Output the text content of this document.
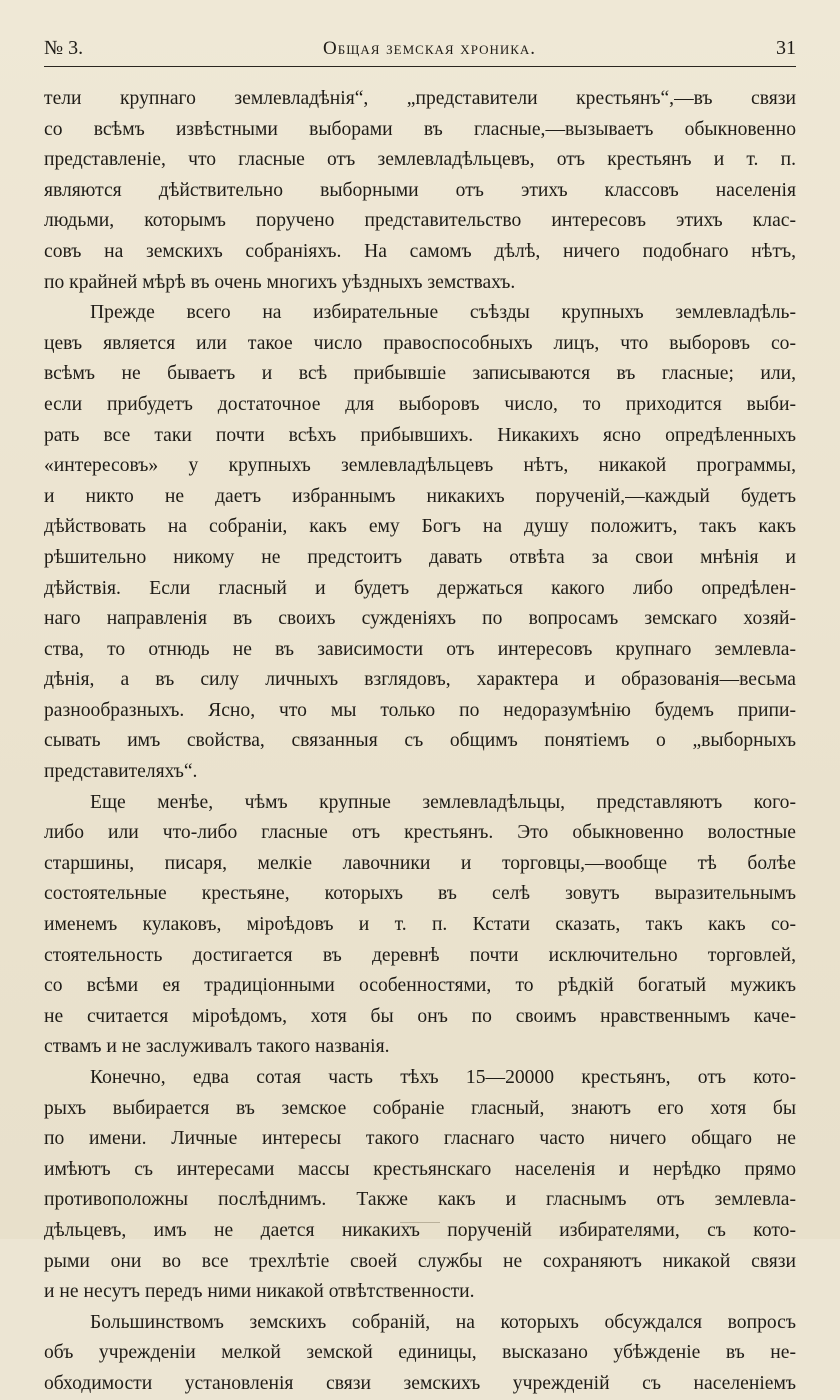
№ 3.	Общая земская хроника.	31
тели крупнаго землевладѣнія“, „представители крестьянъ“,—въ связи
со всѣмъ извѣстными выборами въ гласные,—вызываетъ обыкновенно
представленіе, что гласные отъ землевладѣльцевъ, отъ крестьянъ и т. п.
являются дѣйствительно выборными отъ этихъ классовъ населенія
людьми, которымъ поручено представительство интересовъ этихъ клас-
совъ на земскихъ собраніяхъ. На самомъ дѣлѣ, ничего подобнаго нѣтъ,
по крайней мѣрѣ въ очень многихъ уѣздныхъ земствахъ.
Прежде всего на избирательные съѣзды крупныхъ землевладѣль-
цевъ является или такое число правоспособныхъ лицъ, что выборовъ со-
всѣмъ не бываетъ и всѣ прибывшіе записываются въ гласные; или,
если прибудетъ достаточное для выборовъ число, то приходится выби-
рать все таки почти всѣхъ прибывшихъ. Никакихъ ясно опредѣленныхъ
«интересовъ» у крупныхъ землевладѣльцевъ нѣтъ, никакой программы,
и никто не даетъ избраннымъ никакихъ порученій,—каждый будетъ
дѣйствовать на собраніи, какъ ему Богъ на душу положитъ, такъ какъ
рѣшительно никому не предстоитъ давать отвѣта за свои мнѣнія и
дѣйствія. Если гласный и будетъ держаться какого либо опредѣлен-
наго направленія въ своихъ сужденіяхъ по вопросамъ земскаго хозяй-
ства, то отнюдь не въ зависимости отъ интересовъ крупнаго землевла-
дѣнія, а въ силу личныхъ взглядовъ, характера и образованія—весьма
разнообразныхъ. Ясно, что мы только по недоразумѣнію будемъ припи-
сывать имъ свойства, связанныя съ общимъ понятіемъ о „выборныхъ
представителяхъ“.
Еще менѣе, чѣмъ крупные землевладѣльцы, представляютъ кого-
либо или что-либо гласные отъ крестьянъ. Это обыкновенно волостные
старшины, писаря, мелкіе лавочники и торговцы,—вообще тѣ болѣе
состоятельные крестьяне, которыхъ въ селѣ зовутъ выразительнымъ
именемъ кулаковъ, міроѣдовъ и т. п. Кстати сказать, такъ какъ со-
стоятельность достигается въ деревнѣ почти исключительно торговлей,
со всѣми ея традиціонными особенностями, то рѣдкій богатый мужикъ
не считается міроѣдомъ, хотя бы онъ по своимъ нравственнымъ каче-
ствамъ и не заслуживалъ такого названія.
Конечно, едва сотая часть тѣхъ 15—20000 крестьянъ, отъ кото-
рыхъ выбирается въ земское собраніе гласный, знаютъ его хотя бы
по имени. Личные интересы такого гласнаго часто ничего общаго не
имѣютъ съ интересами массы крестьянскаго населенія и нерѣдко прямо
противоположны послѣднимъ. Также какъ и гласнымъ отъ землевла-
дѣльцевъ, имъ не дается никакихъ порученій избирателями, съ кото-
рыми они во все трехлѣтіе своей службы не сохраняютъ никакой связи
и не несутъ передъ ними никакой отвѣтственности.
Большинствомъ земскихъ собраній, на которыхъ обсуждался вопросъ
объ учрежденіи мелкой земской единицы, высказано убѣжденіе въ не-
обходимости установленія связи земскихъ учрежденій съ населеніемъ
